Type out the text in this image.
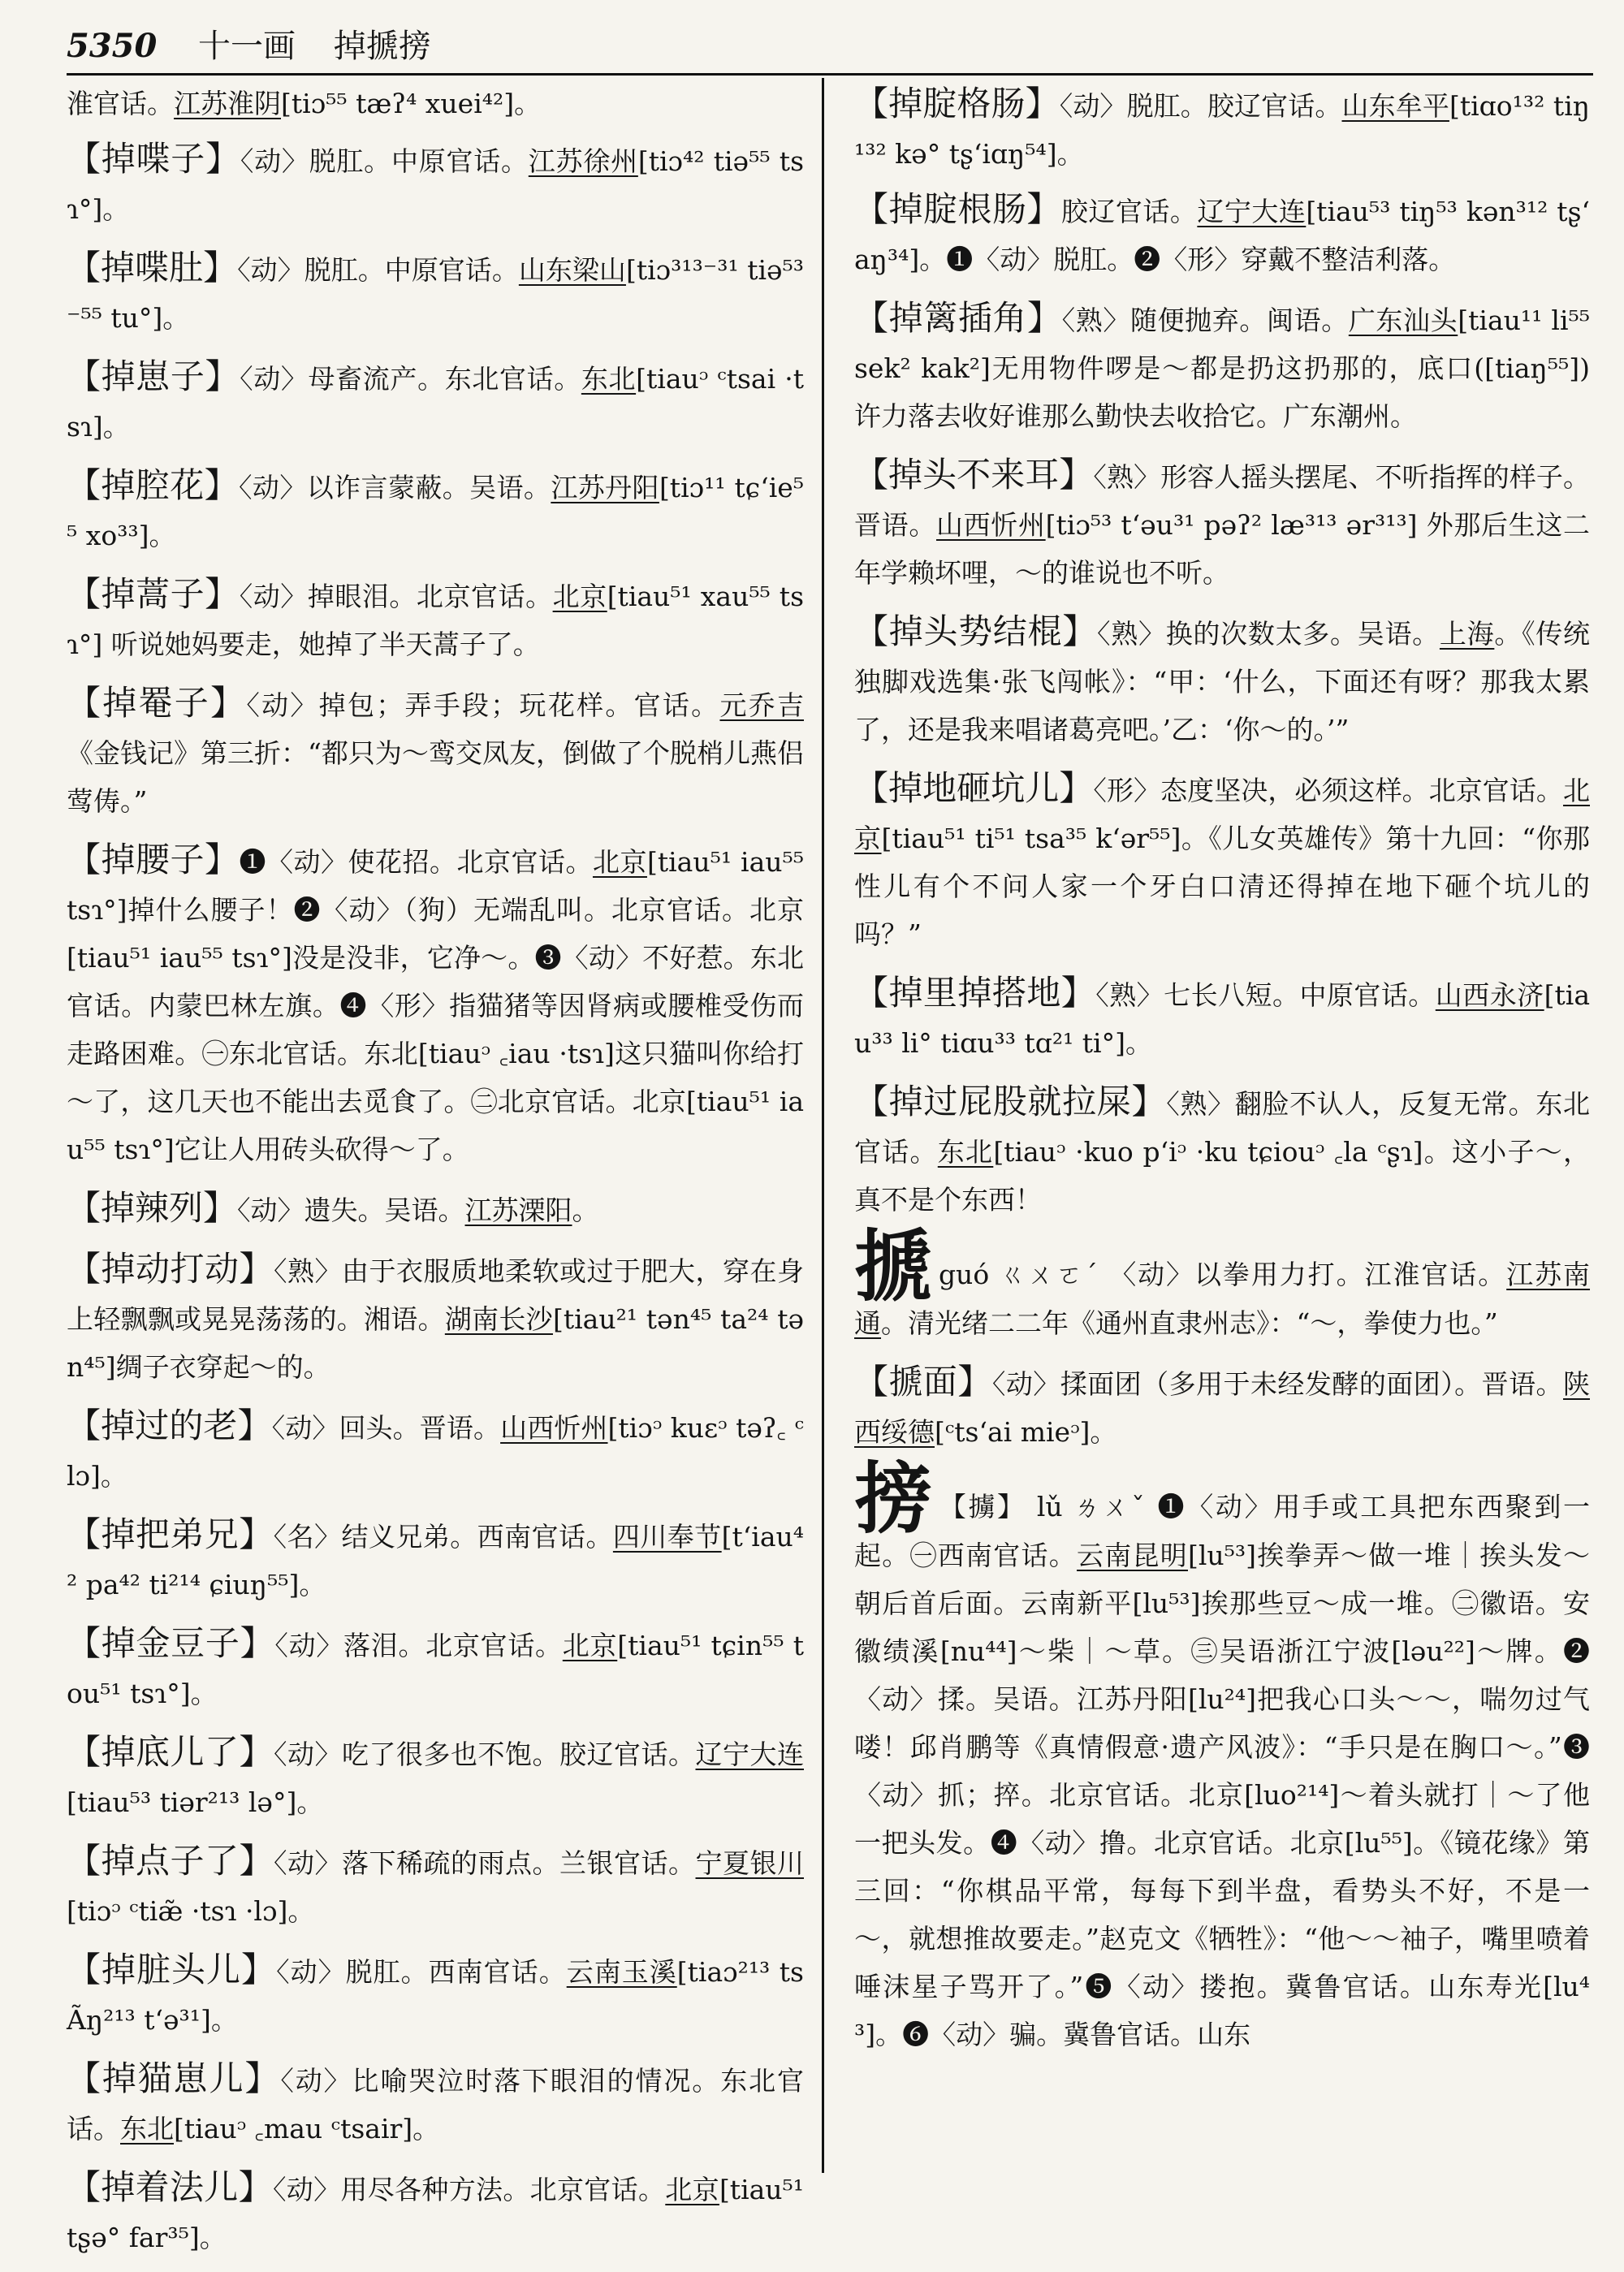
5350 十一画 掉搋搒

淮官话。江苏淮阴[tiɔ⁵⁵ tæʔ⁴ xuei⁴²]。

【掉喋子】〈动〉脱肛。中原官话。江苏徐州[tiɔ⁴² tiə⁵⁵ tsɿ°]。

【掉喋肚】〈动〉脱肛。中原官话。山东梁山[tiɔ³¹³⁻³¹ tiə⁵³⁻⁵⁵ tu°]。

【掉崽子】〈动〉母畜流产。东北官话。东北[tiauᵓ ᶜtsai ·tsɿ]。

【掉腔花】〈动〉以诈言蒙蔽。吴语。江苏丹阳[tiɔ¹¹ tɕʻie⁵⁵ xo³³]。

【掉蒿子】〈动〉掉眼泪。北京官话。北京[tiau⁵¹ xau⁵⁵ tsɿ°] 听说她妈要走，她掉了半天蒿子了。

【掉罨子】〈动〉掉包；弄手段；玩花样。官话。元乔吉《金钱记》第三折：“都只为～鸾交凤友，倒做了个脱梢儿燕侣莺俦。”

【掉腰子】❶〈动〉使花招。北京官话。北京[tiau⁵¹ iau⁵⁵ tsɿ°]掉什么腰子！❷〈动〉（狗）无端乱叫。北京官话。北京[tiau⁵¹ iau⁵⁵ tsɿ°]没是没非，它净～。❸〈动〉不好惹。东北官话。内蒙巴林左旗。❹〈形〉指猫猪等因肾病或腰椎受伤而走路困难。㊀东北官话。东北[tiauᵓ ꜀iau ·tsɿ]这只猫叫你给打～了，这几天也不能出去觅食了。㊁北京官话。北京[tiau⁵¹ iau⁵⁵ tsɿ°]它让人用砖头砍得～了。

【掉辣列】〈动〉遗失。吴语。江苏溧阳。

【掉动打动】〈熟〉由于衣服质地柔软或过于肥大，穿在身上轻飘飘或晃晃荡荡的。湘语。湖南长沙[tiau²¹ tən⁴⁵ ta²⁴ tən⁴⁵]绸子衣穿起～的。

【掉过的老】〈动〉回头。晋语。山西忻州[tiɔᵓ kuɛᵓ təʔ꜀ ᶜlɔ]。

【掉把弟兄】〈名〉结义兄弟。西南官话。四川奉节[tʻiau⁴² pa⁴² ti²¹⁴ ɕiuŋ⁵⁵]。

【掉金豆子】〈动〉落泪。北京官话。北京[tiau⁵¹ tɕin⁵⁵ tou⁵¹ tsɿ°]。

【掉底儿了】〈动〉吃了很多也不饱。胶辽官话。辽宁大连[tiau⁵³ tiər²¹³ lə°]。

【掉点子了】〈动〉落下稀疏的雨点。兰银官话。宁夏银川[tiɔᵓ ᶜtiæ̃ ·tsɿ ·lɔ]。

【掉脏头儿】〈动〉脱肛。西南官话。云南玉溪[tiaɔ²¹³ tsÃŋ²¹³ tʻə³¹]。

【掉猫崽儿】〈动〉比喻哭泣时落下眼泪的情况。东北官话。东北[tiauᵓ ꜀mau ᶜtsair]。

【掉着法儿】〈动〉用尽各种方法。北京官话。北京[tiau⁵¹ tʂə° far³⁵]。

【掉腚格肠】〈动〉脱肛。胶辽官话。山东牟平[tiɑo¹³² tiŋ¹³² kə° tʂʻiɑŋ⁵⁴]。

【掉腚根肠】胶辽官话。辽宁大连[tiau⁵³ tiŋ⁵³ kən³¹² tʂʻaŋ³⁴]。❶〈动〉脱肛。❷〈形〉穿戴不整洁利落。

【掉篱插角】〈熟〉随便抛弃。闽语。广东汕头[tiau¹¹ li⁵⁵ sek² kak²]无用物件啰是～都是扔这扔那的，底口([tiaŋ⁵⁵]) 许力落去收好谁那么勤快去收拾它。广东潮州。

【掉头不来耳】〈熟〉形容人摇头摆尾、不听指挥的样子。晋语。山西忻州[tiɔ⁵³ tʻəu³¹ pəʔ² læ³¹³ ər³¹³] 外那后生这二年学赖坏哩，～的谁说也不听。

【掉头势结棍】〈熟〉换的次数太多。吴语。上海。《传统独脚戏选集·张飞闯帐》：“甲：‘什么，下面还有呀？那我太累了，还是我来唱诸葛亮吧。’乙：‘你～的。’”

【掉地砸坑儿】〈形〉态度坚决，必须这样。北京官话。北京[tiau⁵¹ ti⁵¹ tsa³⁵ kʻər⁵⁵]。《儿女英雄传》第十九回：“你那性儿有个不问人家一个牙白口清还得掉在地下砸个坑儿的吗？”

【掉里掉搭地】〈熟〉七长八短。中原官话。山西永济[tiau³³ li° tiɑu³³ tɑ²¹ ti°]。

【掉过屁股就拉屎】〈熟〉翻脸不认人，反复无常。东北官话。东北[tiauᵓ ·kuo pʻiᵓ ·ku tɕiouᵓ ꜀la ᶜʂɿ]。这小子～，真不是个东西！

搋guó ㄍㄨㄛˊ 〈动〉以拳用力打。江淮官话。江苏南通。清光绪二二年《通州直隶州志》：“～，拳使力也。”

【搋面】〈动〉揉面团（多用于未经发酵的面团）。晋语。陕西绥德[ᶜtsʻai mieᵓ]。

搒 【擄】 lǔ ㄌㄨˇ ❶〈动〉用手或工具把东西聚到一起。㊀西南官话。云南昆明[lu⁵³]挨拳弄～做一堆｜挨头发～朝后首后面。云南新平[lu⁵³]挨那些豆～成一堆。㊁徽语。安徽绩溪[nu⁴⁴]～柴｜～草。㊂吴语浙江宁波[ləu²²]～牌。❷〈动〉揉。吴语。江苏丹阳[lu²⁴]把我心口头～～，喘勿过气喽！邱肖鹏等《真情假意·遗产风波》：“手只是在胸口～。”❸〈动〉抓；捽。北京官话。北京[luo²¹⁴]～着头就打｜～了他一把头发。❹〈动〉撸。北京官话。北京[lu⁵⁵]。《镜花缘》第三回：“你棋品平常，每每下到半盘，看势头不好，不是一～，就想推故要走。”赵克文《牺牲》：“他～～袖子，嘴里喷着唾沫星子骂开了。”❺〈动〉搂抱。冀鲁官话。山东寿光[lu⁴³]。❻〈动〉骗。冀鲁官话。山东
